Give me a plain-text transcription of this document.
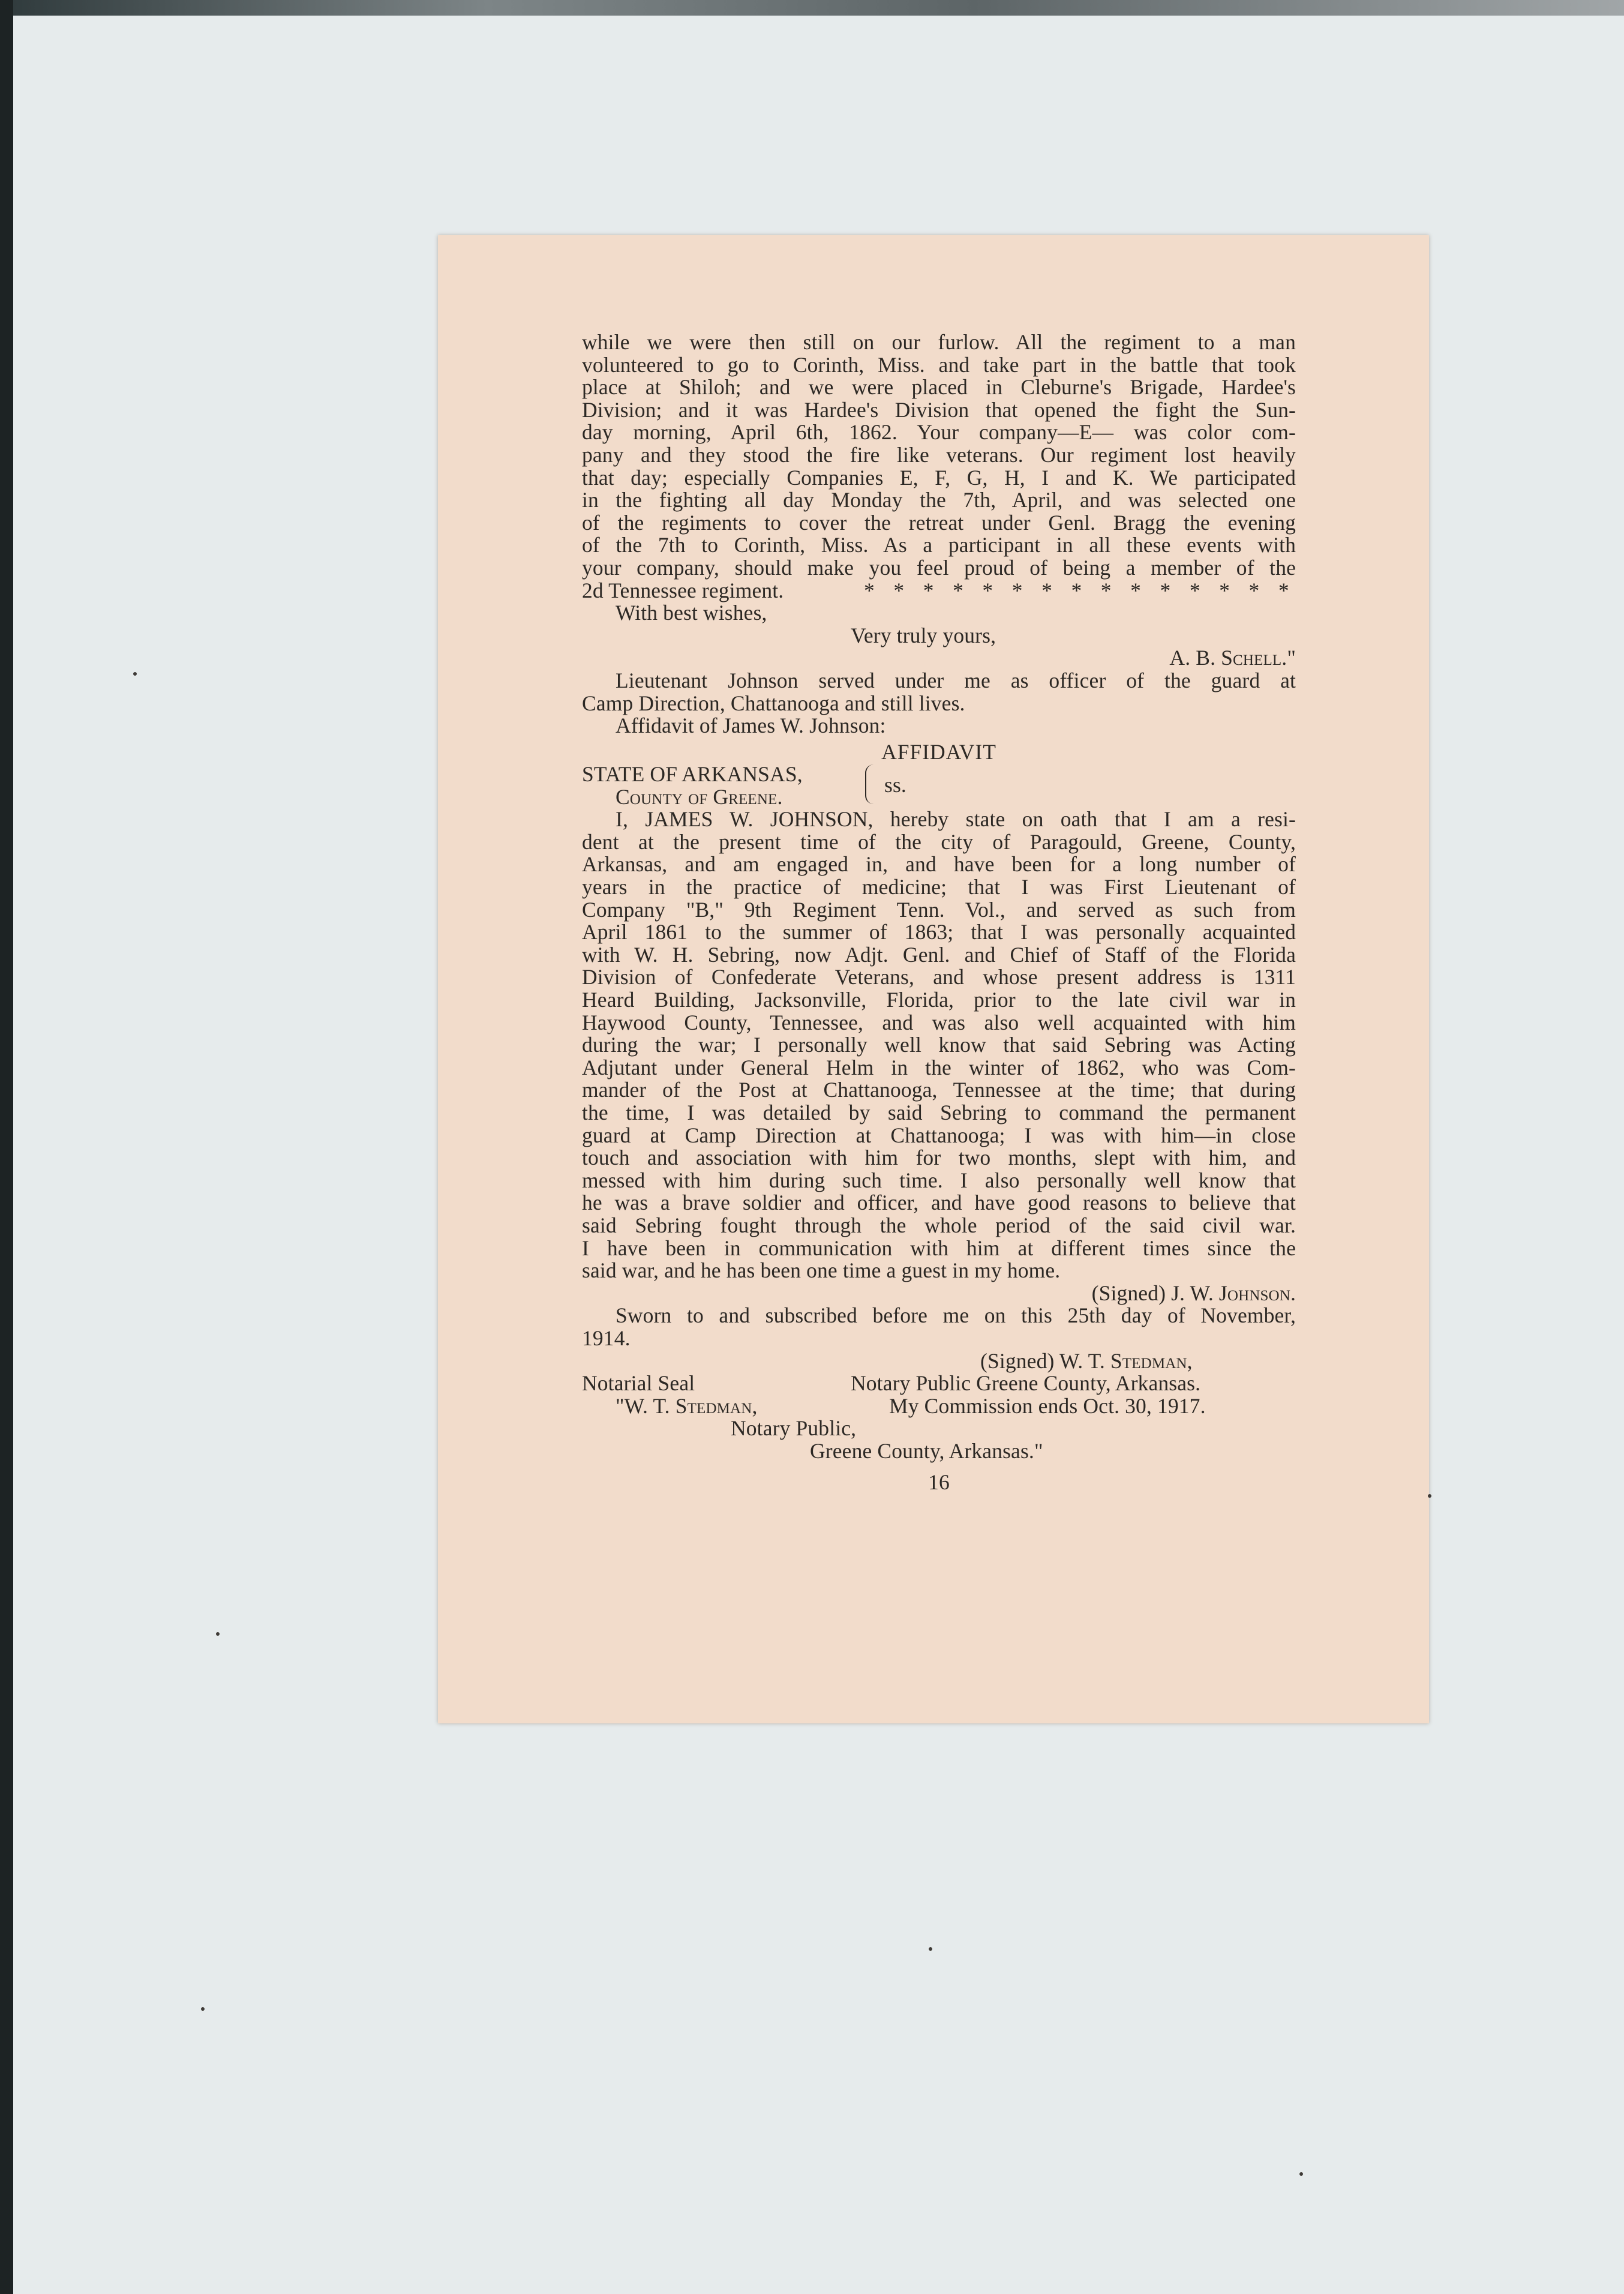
while we were then still on our furlow. All the regiment to a man
volunteered to go to Corinth, Miss. and take part in the battle that took
place at Shiloh; and we were placed in Cleburne's Brigade, Hardee's
Division; and it was Hardee's Division that opened the fight the Sun-
day morning, April 6th, 1862. Your company—E— was color com-
pany and they stood the fire like veterans. Our regiment lost heavily
that day; especially Companies E, F, G, H, I and K. We participated
in the fighting all day Monday the 7th, April, and was selected one
of the regiments to cover the retreat under Genl. Bragg the evening
of the 7th to Corinth, Miss. As a participant in all these events with
your company, should make you feel proud of being a member of the
2d Tennessee regiment.	* * * * * * * * * * * * * * *
With best wishes,
Very truly yours,
A. B. Schell."
Lieutenant Johnson served under me as officer of the guard at
Camp Direction, Chattanooga and still lives.
Affidavit of James W. Johnson:
AFFIDAVIT
STATE OF ARKANSAS,
County of Greene.	ss.
I, JAMES W. JOHNSON, hereby state on oath that I am a resi-
dent at the present time of the city of Paragould, Greene, County,
Arkansas, and am engaged in, and have been for a long number of
years in the practice of medicine; that I was First Lieutenant of
Company "B," 9th Regiment Tenn. Vol., and served as such from
April 1861 to the summer of 1863; that I was personally acquainted
with W. H. Sebring, now Adjt. Genl. and Chief of Staff of the Florida
Division of Confederate Veterans, and whose present address is 1311
Heard Building, Jacksonville, Florida, prior to the late civil war in
Haywood County, Tennessee, and was also well acquainted with him
during the war; I personally well know that said Sebring was Acting
Adjutant under General Helm in the winter of 1862, who was Com-
mander of the Post at Chattanooga, Tennessee at the time; that during
the time, I was detailed by said Sebring to command the permanent
guard at Camp Direction at Chattanooga; I was with him—in close
touch and association with him for two months, slept with him, and
messed with him during such time. I also personally well know that
he was a brave soldier and officer, and have good reasons to believe that
said Sebring fought through the whole period of the said civil war.
I have been in communication with him at different times since the
said war, and he has been one time a guest in my home.
(Signed) J. W. Johnson.
Sworn to and subscribed before me on this 25th day of November,
1914.
(Signed) W. T. Stedman,
Notarial Seal	Notary Public Greene County, Arkansas.
"W. T. Stedman,	My Commission ends Oct. 30, 1917.
Notary Public,
Greene County, Arkansas."
16
